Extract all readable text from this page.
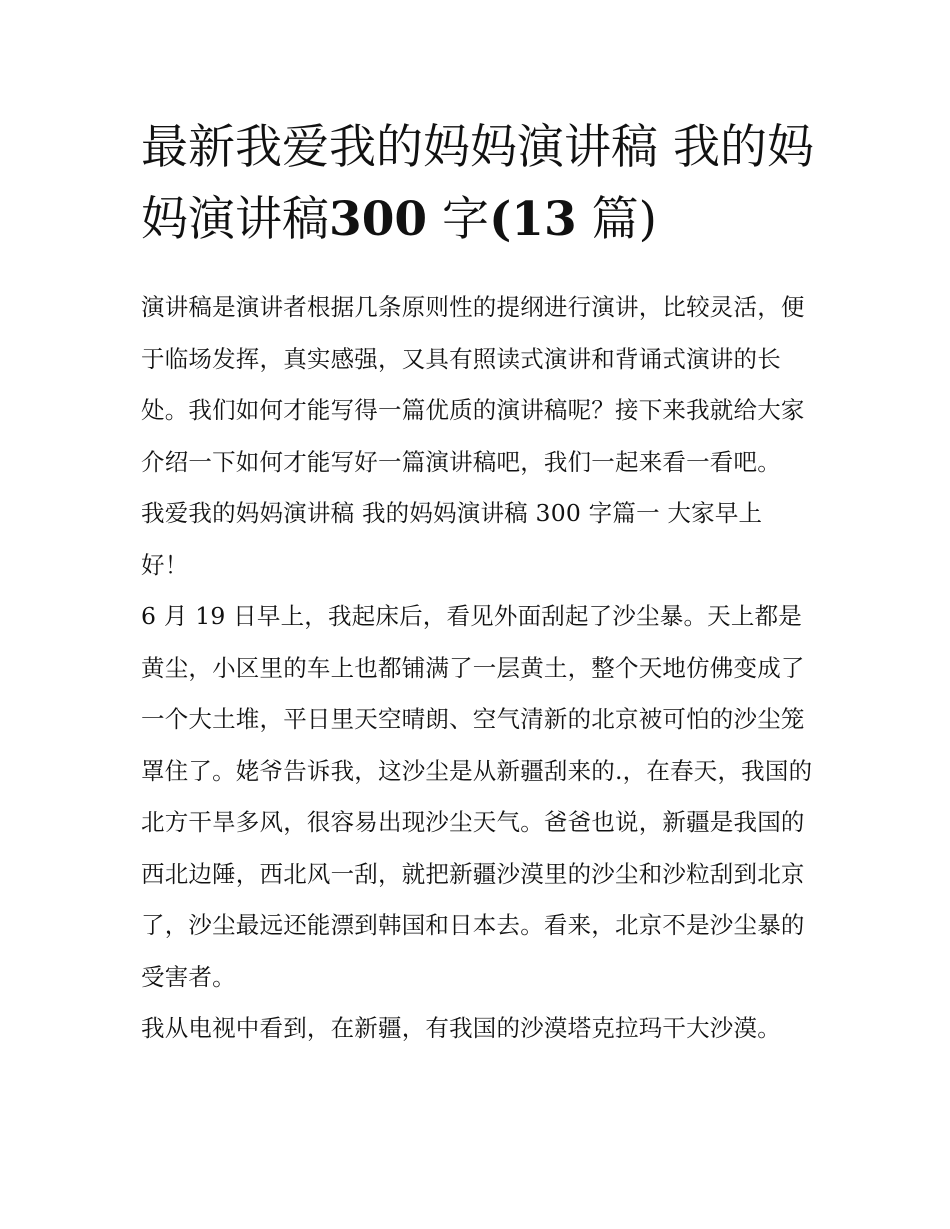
最新我爱我的妈妈演讲稿 我的妈妈演讲稿300 字(13 篇)

演讲稿是演讲者根据几条原则性的提纲进行演讲，比较灵活，便于临场发挥，真实感强，又具有照读式演讲和背诵式演讲的长处。我们如何才能写得一篇优质的演讲稿呢？接下来我就给大家介绍一下如何才能写好一篇演讲稿吧，我们一起来看一看吧。

我爱我的妈妈演讲稿 我的妈妈演讲稿 300 字篇一 大家早上好！

6 月 19 日早上，我起床后，看见外面刮起了沙尘暴。天上都是黄尘，小区里的车上也都铺满了一层黄土，整个天地仿佛变成了一个大土堆，平日里天空晴朗、空气清新的北京被可怕的沙尘笼罩住了。姥爷告诉我，这沙尘是从新疆刮来的.，在春天，我国的北方干旱多风，很容易出现沙尘天气。爸爸也说，新疆是我国的西北边陲，西北风一刮，就把新疆沙漠里的沙尘和沙粒刮到北京了，沙尘最远还能漂到韩国和日本去。看来，北京不是沙尘暴的受害者。

我从电视中看到，在新疆，有我国的沙漠塔克拉玛干大沙漠。
